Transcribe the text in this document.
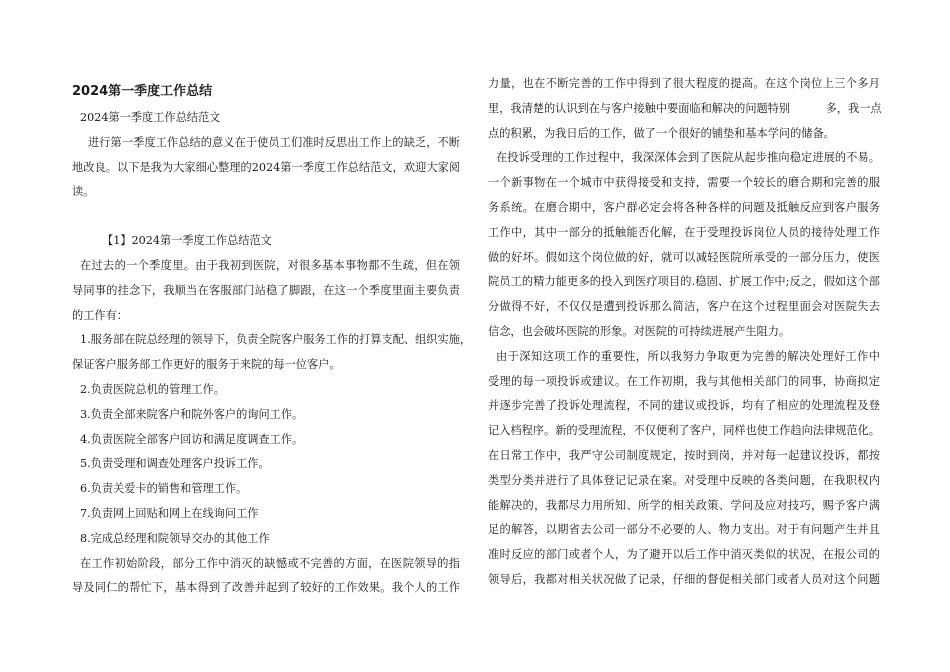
2024第一季度工作总结
2024第一季度工作总结范文
进行第一季度工作总结的意义在于使员工们准时反思出工作上的缺乏，不断
地改良。以下是我为大家细心整理的2024第一季度工作总结范文，欢迎大家阅
读。
【1】2024第一季度工作总结范文
在过去的一个季度里。由于我初到医院，对很多基本事物都不生疏，但在领
导同事的挂念下，我顺当在客服部门站稳了脚跟，在这一个季度里面主要负责
的工作有：
1.服务部在院总经理的领导下，负责全院客户服务工作的打算支配、组织实施，
保证客户服务部工作更好的服务于来院的每一位客户。
2.负责医院总机的管理工作。
3.负责全部来院客户和院外客户的询问工作。
4.负责医院全部客户回访和满足度调查工作。
5.负责受理和调查处理客户投诉工作。
6.负责关爱卡的销售和管理工作。
7.负责网上回贴和网上在线询问工作
8.完成总经理和院领导交办的其他工作
在工作初始阶段，部分工作中消灭的缺憾或不完善的方面，在医院领导的指
导及同仁的帮忙下，基本得到了改善并起到了较好的工作效果。我个人的工作
力量，也在不断完善的工作中得到了很大程度的提高。在这个岗位上三个多月
里，我清楚的认识到在与客户接触中要面临和解决的问题特别          多，我一点
点的积累，为我日后的工作，做了一个很好的铺垫和基本学问的储备。
在投诉受理的工作过程中，我深深体会到了医院从起步推向稳定进展的不易。
一个新事物在一个城市中获得接受和支持，需要一个较长的磨合期和完善的服
务系统。在磨合期中，客户群必定会将各种各样的问题及抵触反应到客户服务
工作中，其中一部分的抵触能否化解，在于受理投诉岗位人员的接待处理工作
做的好坏。假如这个岗位做的好，就可以减轻医院所承受的一部分压力，使医
院员工的精力能更多的投入到医疗项目的.稳固、扩展工作中;反之，假如这个部
分做得不好，不仅仅是遭到投诉那么简洁，客户在这个过程里面会对医院失去
信念，也会破坏医院的形象。对医院的可持续进展产生阻力。
由于深知这项工作的重要性，所以我努力争取更为完善的解决处理好工作中
受理的每一项投诉或建议。在工作初期，我与其他相关部门的同事，协商拟定
并逐步完善了投诉处理流程，不同的建议或投诉，均有了相应的处理流程及登
记入档程序。新的受理流程，不仅便利了客户，同样也使工作趋向法律规范化。
在日常工作中，我严守公司制度规定，按时到岗，并对每一起建议投诉，都按
类型分类并进行了具体登记记录在案。对受理中反映的各类问题，在我职权内
能解决的，我都尽力用所知、所学的相关政策、学问及应对技巧，赐予客户满
足的解答，以期省去公司一部分不必要的人、物力支出。对于有问题产生并且
准时反应的部门或者个人，为了避开以后工作中消灭类似的状况，在报公司的
领导后，我都对相关状况做了记录，仔细的督促相关部门或者人员对这个问题
